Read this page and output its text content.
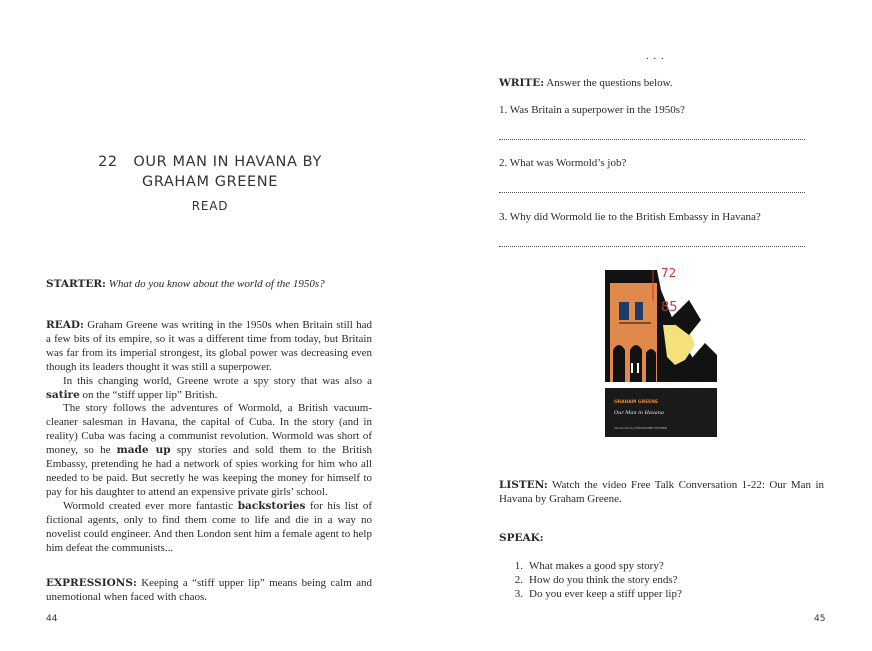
22 OUR MAN IN HAVANA BY
GRAHAM GREENE
READ
STARTER: What do you know about the world of the 1950s?

READ: Graham Greene was writing in the 1950s when Britain still had a few bits of its empire, so it was a different time from today, but Britain was far from its imperial strongest, its global power was decreasing even though its leaders thought it was still a superpower.

In this changing world, Greene wrote a spy story that was also a satire on the “stiff upper lip” British.

The story follows the adventures of Wormold, a British vacuum-cleaner salesman in Havana, the capital of Cuba. In the story (and in reality) Cuba was facing a communist revolution. Wormold was short of money, so he made up spy stories and sold them to the British Embassy, pretending he had a network of spies working for him who all needed to be paid. But secretly he was keeping the money for himself to pay for his daughter to attend an expensive private girls’ school.

Wormold created ever more fantastic backstories for his list of fictional agents, only to find them come to life and die in a way no novelist could engineer. And then London sent him a female agent to help him defeat the communists...

EXPRESSIONS: Keeping a “stiff upper lip” means being calm and unemotional when faced with chaos.
44
. . .
WRITE: Answer the questions below.
1. Was Britain a superpower in the 1950s?
2. What was Wormold’s job?
3. Why did Wormold lie to the British Embassy in Havana?
72
85
PENGUIN CLASSICS
GRAHAM GREENE
Our Man in Havana
Introduction by CHRISTOPHER HITCHENS
LISTEN: Watch the video Free Talk Conversation 1-22: Our Man in Havana by Graham Greene.
SPEAK:
1. What makes a good spy story?
2. How do you think the story ends?
3. Do you ever keep a stiff upper lip?
45
